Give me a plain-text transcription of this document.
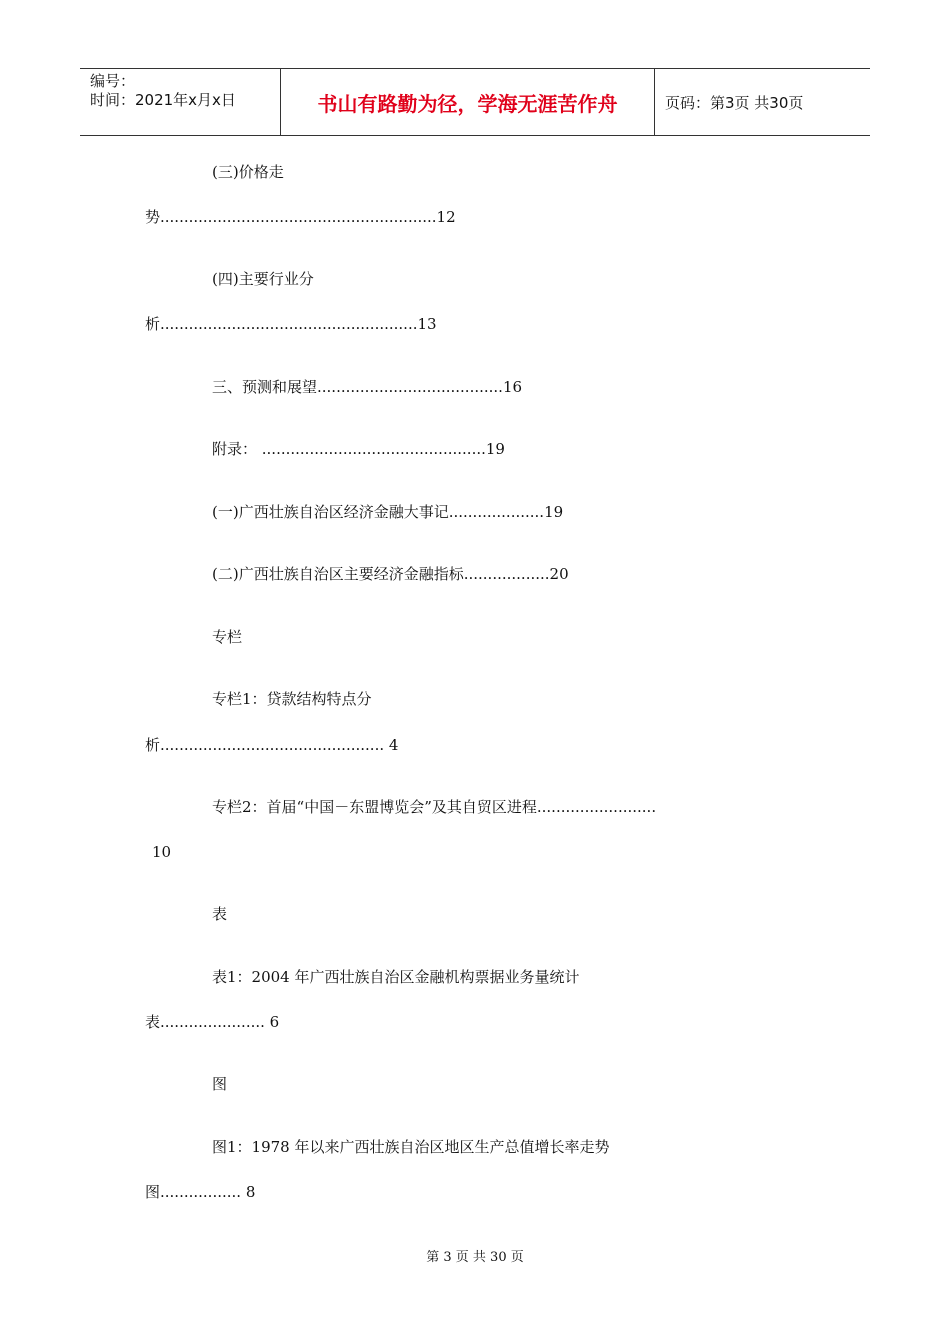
编号：
时间：2021年x月x日	书山有路勤为径，学海无涯苦作舟	页码：第3页 共30页
(三)价格走
势..........................................................12
(四)主要行业分
析......................................................13
三、预测和展望.......................................16
附录： ...............................................19
(一)广西壮族自治区经济金融大事记....................19
(二)广西壮族自治区主要经济金融指标..................20
专栏
专栏1：贷款结构特点分
析............................................... 4
专栏2：首届“中国－东盟博览会”及其自贸区进程.........................
10
表
表1：2004 年广西壮族自治区金融机构票据业务量统计
表...................... 6
图
图1：1978 年以来广西壮族自治区地区生产总值增长率走势
图................. 8
第 3 页 共 30 页
